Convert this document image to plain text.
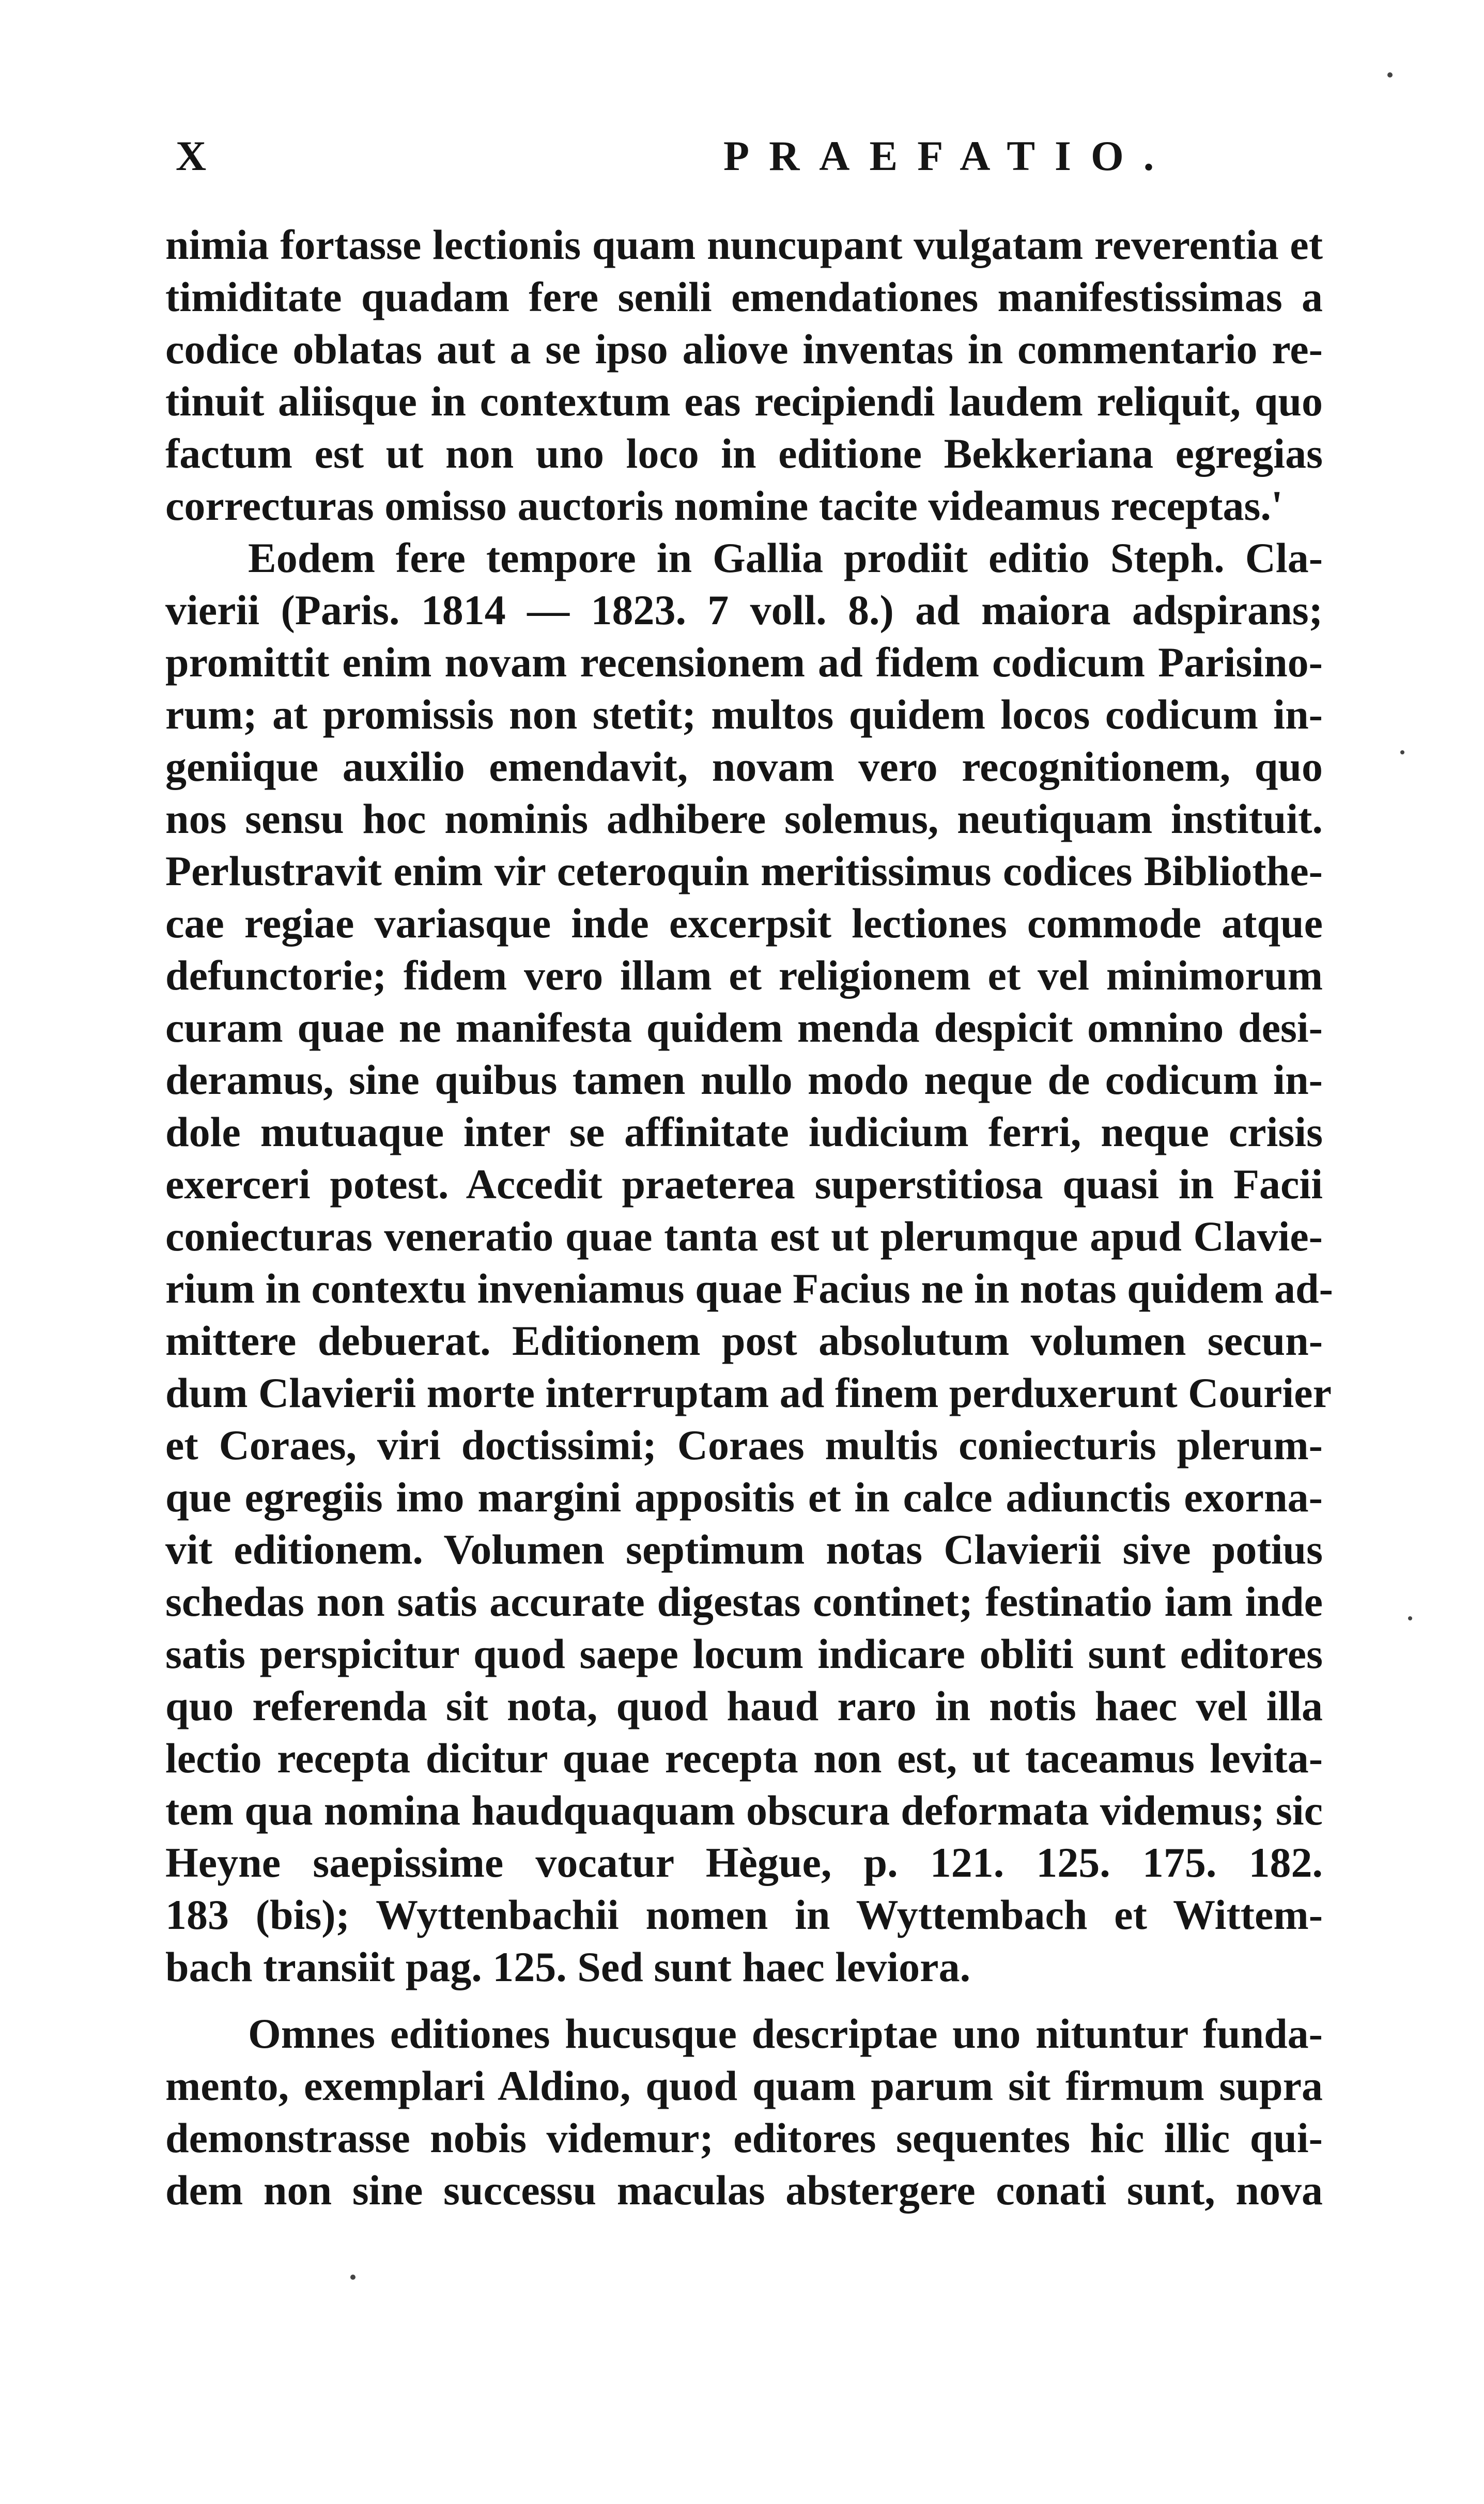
X	PRAEFATIO.
nimia fortasse lectionis quam nuncupant vulgatam reverentia et
timiditate quadam fere senili emendationes manifestissimas a
codice oblatas aut a se ipso aliove inventas in commentario re-
tinuit aliisque in contextum eas recipiendi laudem reliquit, quo
factum est ut non uno loco in editione Bekkeriana egregias
correcturas omisso auctoris nomine tacite videamus receptas.'
Eodem fere tempore in Gallia prodiit editio Steph. Cla-
vierii (Paris. 1814 — 1823. 7 voll. 8.) ad maiora adspirans;
promittit enim novam recensionem ad fidem codicum Parisino-
rum; at promissis non stetit; multos quidem locos codicum in-
geniique auxilio emendavit, novam vero recognitionem, quo
nos sensu hoc nominis adhibere solemus, neutiquam instituit.
Perlustravit enim vir ceteroquin meritissimus codices Bibliothe-
cae regiae variasque inde excerpsit lectiones commode atque
defunctorie; fidem vero illam et religionem et vel minimorum
curam quae ne manifesta quidem menda despicit omnino desi-
deramus, sine quibus tamen nullo modo neque de codicum in-
dole mutuaque inter se affinitate iudicium ferri, neque crisis
exerceri potest. Accedit praeterea superstitiosa quasi in Facii
coniecturas veneratio quae tanta est ut plerumque apud Clavie-
rium in contextu inveniamus quae Facius ne in notas quidem ad-
mittere debuerat. Editionem post absolutum volumen secun-
dum Clavierii morte interruptam ad finem perduxerunt Courier
et Coraes, viri doctissimi; Coraes multis coniecturis plerum-
que egregiis imo margini appositis et in calce adiunctis exorna-
vit editionem. Volumen septimum notas Clavierii sive potius
schedas non satis accurate digestas continet; festinatio iam inde
satis perspicitur quod saepe locum indicare obliti sunt editores
quo referenda sit nota, quod haud raro in notis haec vel illa
lectio recepta dicitur quae recepta non est, ut taceamus levita-
tem qua nomina haudquaquam obscura deformata videmus; sic
Heyne saepissime vocatur Hègue, p. 121. 125. 175. 182.
183 (bis); Wyttenbachii nomen in Wyttembach et Wittem-
bach transiit pag. 125. Sed sunt haec leviora.
Omnes editiones hucusque descriptae uno nituntur funda-
mento, exemplari Aldino, quod quam parum sit firmum supra
demonstrasse nobis videmur; editores sequentes hic illic qui-
dem non sine successu maculas abstergere conati sunt, nova
